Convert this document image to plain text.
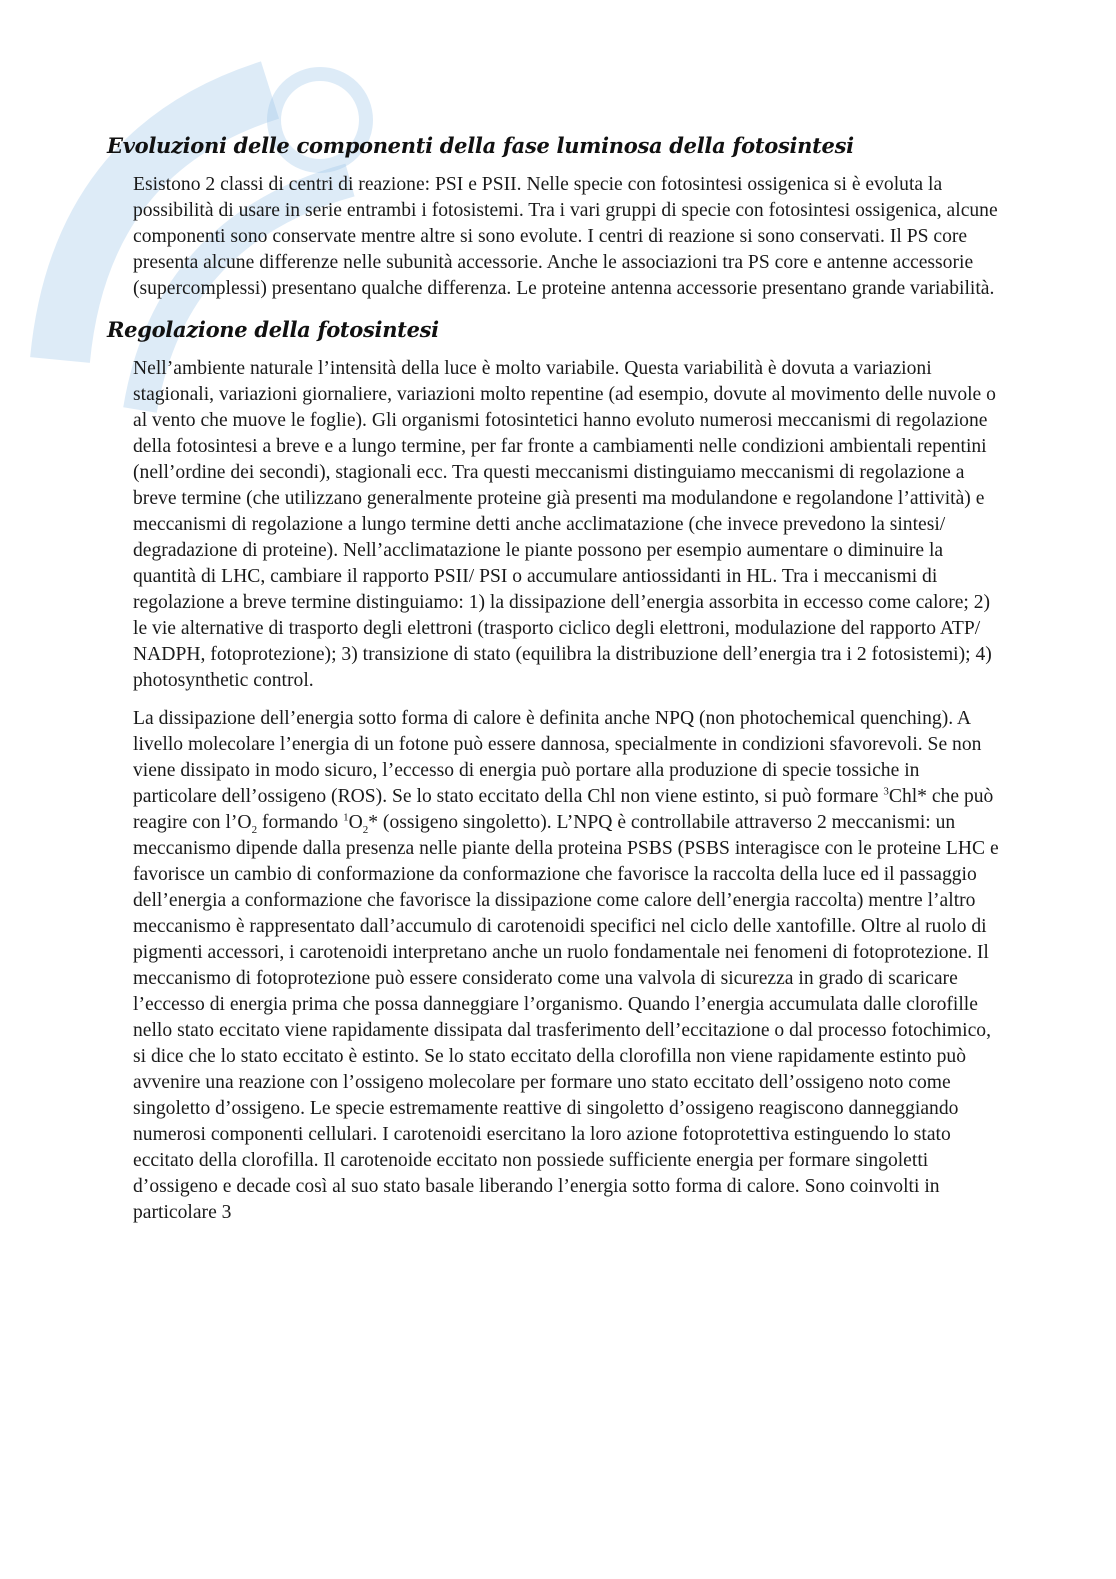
Evoluzioni delle componenti della fase luminosa della fotosintesi

Esistono 2 classi di centri di reazione: PSI e PSII. Nelle specie con fotosintesi ossigenica si è evoluta la possibilità di usare in serie entrambi i fotosistemi. Tra i vari gruppi di specie con fotosintesi ossigenica, alcune componenti sono conservate mentre altre si sono evolute. I centri di reazione si sono conservati. Il PS core presenta alcune differenze nelle subunità accessorie. Anche le associazioni tra PS core e antenne accessorie (supercomplessi) presentano qualche differenza. Le proteine antenna accessorie presentano grande variabilità.

Regolazione della fotosintesi

Nell’ambiente naturale l’intensità della luce è molto variabile. Questa variabilità è dovuta a variazioni stagionali, variazioni giornaliere, variazioni molto repentine (ad esempio, dovute al movimento delle nuvole o al vento che muove le foglie). Gli organismi fotosintetici hanno evoluto numerosi meccanismi di regolazione della fotosintesi a breve e a lungo termine, per far fronte a cambiamenti nelle condizioni ambientali repentini (nell’ordine dei secondi), stagionali ecc. Tra questi meccanismi distinguiamo meccanismi di regolazione a breve termine (che utilizzano generalmente proteine già presenti ma modulandone e regolandone l’attività) e meccanismi di regolazione a lungo termine detti anche acclimatazione (che invece prevedono la sintesi/ degradazione di proteine). Nell’acclimatazione le piante possono per esempio aumentare o diminuire la quantità di LHC, cambiare il rapporto PSII/ PSI o accumulare antiossidanti in HL. Tra i meccanismi di regolazione a breve termine distinguiamo: 1) la dissipazione dell’energia assorbita in eccesso come calore; 2) le vie alternative di trasporto degli elettroni (trasporto ciclico degli elettroni, modulazione del rapporto ATP/ NADPH, fotoprotezione); 3) transizione di stato (equilibra la distribuzione dell’energia tra i 2 fotosistemi); 4) photosynthetic control.

La dissipazione dell’energia sotto forma di calore è definita anche NPQ (non photochemical quenching). A livello molecolare l’energia di un fotone può essere dannosa, specialmente in condizioni sfavorevoli. Se non viene dissipato in modo sicuro, l’eccesso di energia può portare alla produzione di specie tossiche in particolare dell’ossigeno (ROS). Se lo stato eccitato della Chl non viene estinto, si può formare $^3$Chl* che può reagire con $l’O_2$ formando $^1O_2*$ (ossigeno singoletto). L’NPQ è controllabile attraverso 2 meccanismi: un meccanismo dipende dalla presenza nelle piante della proteina PSBS (PSBS interagisce con le proteine LHC e favorisce un cambio di conformazione da conformazione che favorisce la raccolta della luce ed il passaggio dell’energia a conformazione che favorisce la dissipazione come calore dell’energia raccolta) mentre l’altro meccanismo è rappresentato dall’accumulo di carotenoidi specifici nel ciclo delle xantofille. Oltre al ruolo di pigmenti accessori, i carotenoidi interpretano anche un ruolo fondamentale nei fenomeni di fotoprotezione. Il meccanismo di fotoprotezione può essere considerato come una valvola di sicurezza in grado di scaricare l’eccesso di energia prima che possa danneggiare l’organismo. Quando l’energia accumulata dalle clorofille nello stato eccitato viene rapidamente dissipata dal trasferimento dell’eccitazione o dal processo fotochimico, si dice che lo stato eccitato è estinto. Se lo stato eccitato della clorofilla non viene rapidamente estinto può avvenire una reazione con l’ossigeno molecolare per formare uno stato eccitato dell’ossigeno noto come singoletto d’ossigeno. Le specie estremamente reattive di singoletto d’ossigeno reagiscono danneggiando numerosi componenti cellulari. I carotenoidi esercitano la loro azione fotoprotettiva estinguendo lo stato eccitato della clorofilla. Il carotenoide eccitato non possiede sufficiente energia per formare singoletti d’ossigeno e decade così al suo stato basale liberando l’energia sotto forma di calore. Sono coinvolti in particolare 3
